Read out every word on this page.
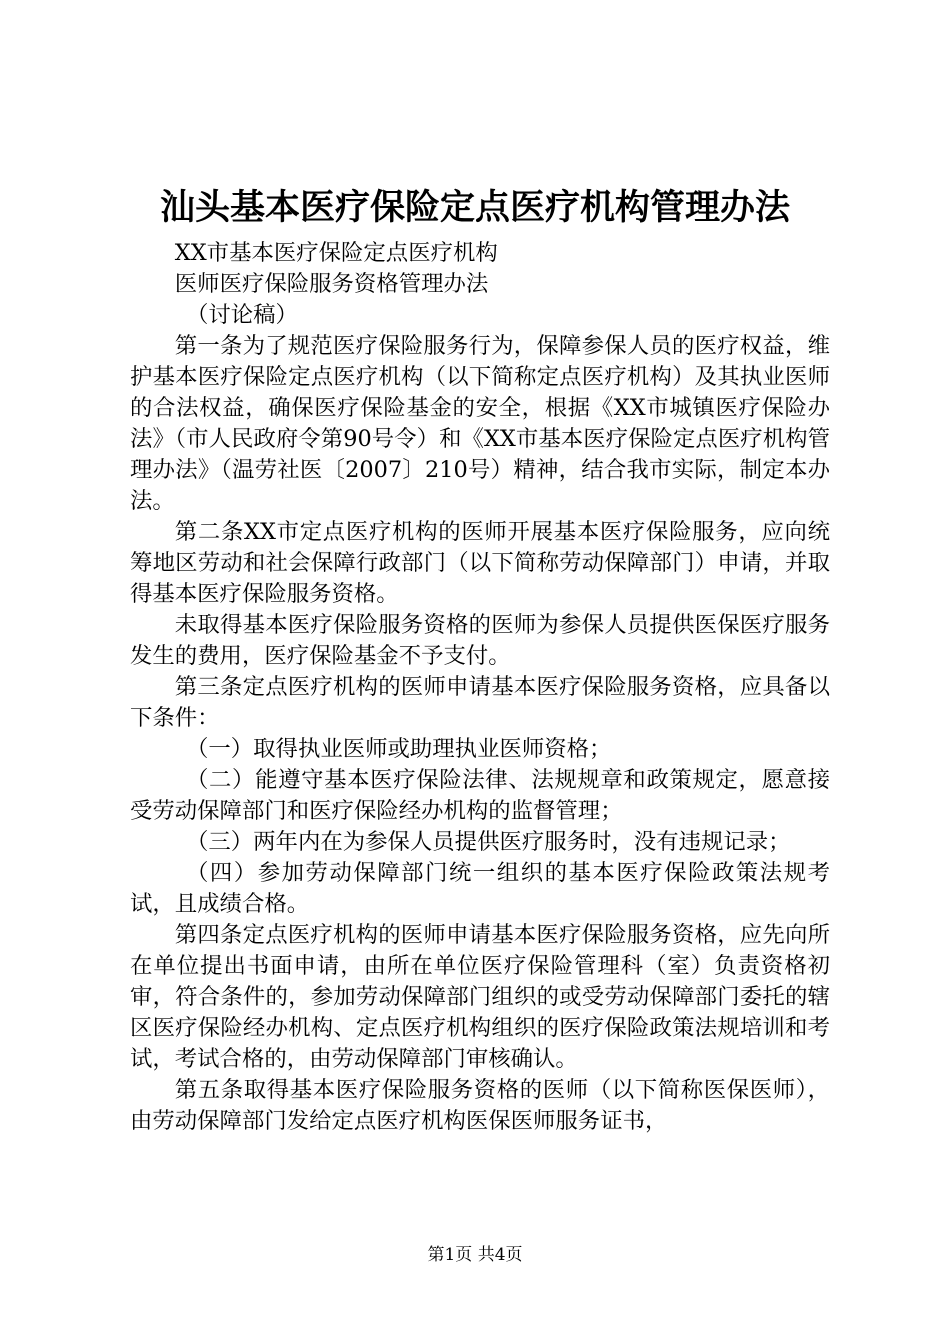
汕头基本医疗保险定点医疗机构管理办法

XX市基本医疗保险定点医疗机构

医师医疗保险服务资格管理办法

（讨论稿）

第一条为了规范医疗保险服务行为，保障参保人员的医疗权益，维护基本医疗保险定点医疗机构（以下简称定点医疗机构）及其执业医师的合法权益，确保医疗保险基金的安全，根据《XX市城镇医疗保险办法》（市人民政府令第90号令）和《XX市基本医疗保险定点医疗机构管理办法》（温劳社医〔2007〕210号）精神，结合我市实际，制定本办法。

第二条XX市定点医疗机构的医师开展基本医疗保险服务，应向统筹地区劳动和社会保障行政部门（以下简称劳动保障部门）申请，并取得基本医疗保险服务资格。

未取得基本医疗保险服务资格的医师为参保人员提供医保医疗服务发生的费用，医疗保险基金不予支付。

第三条定点医疗机构的医师申请基本医疗保险服务资格，应具备以下条件：

（一）取得执业医师或助理执业医师资格；

（二）能遵守基本医疗保险法律、法规规章和政策规定，愿意接受劳动保障部门和医疗保险经办机构的监督管理；

（三）两年内在为参保人员提供医疗服务时，没有违规记录；

（四）参加劳动保障部门统一组织的基本医疗保险政策法规考试，且成绩合格。

第四条定点医疗机构的医师申请基本医疗保险服务资格，应先向所在单位提出书面申请，由所在单位医疗保险管理科（室）负责资格初审，符合条件的，参加劳动保障部门组织的或受劳动保障部门委托的辖区医疗保险经办机构、定点医疗机构组织的医疗保险政策法规培训和考试，考试合格的，由劳动保障部门审核确认。

第五条取得基本医疗保险服务资格的医师（以下简称医保医师），由劳动保障部门发给定点医疗机构医保医师服务证书，

第1页 共4页
